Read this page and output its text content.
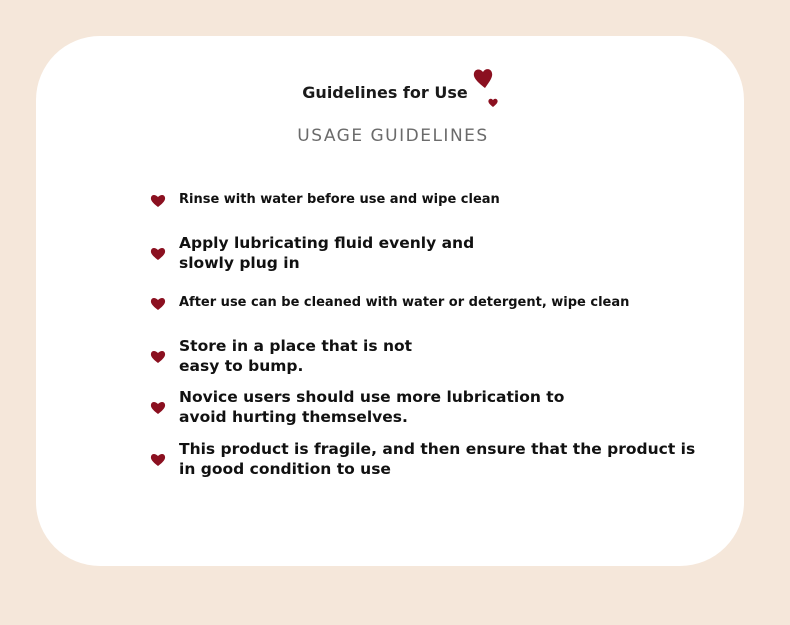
Guidelines for Use
USAGE GUIDELINES
Rinse with water before use and wipe clean
Apply lubricating fluid evenly and
slowly plug in
After use can be cleaned with water or detergent, wipe clean
Store in a place that is not
easy to bump.
Novice users should use more lubrication to
avoid hurting themselves.
This product is fragile, and then ensure that the product is
in good condition to use
